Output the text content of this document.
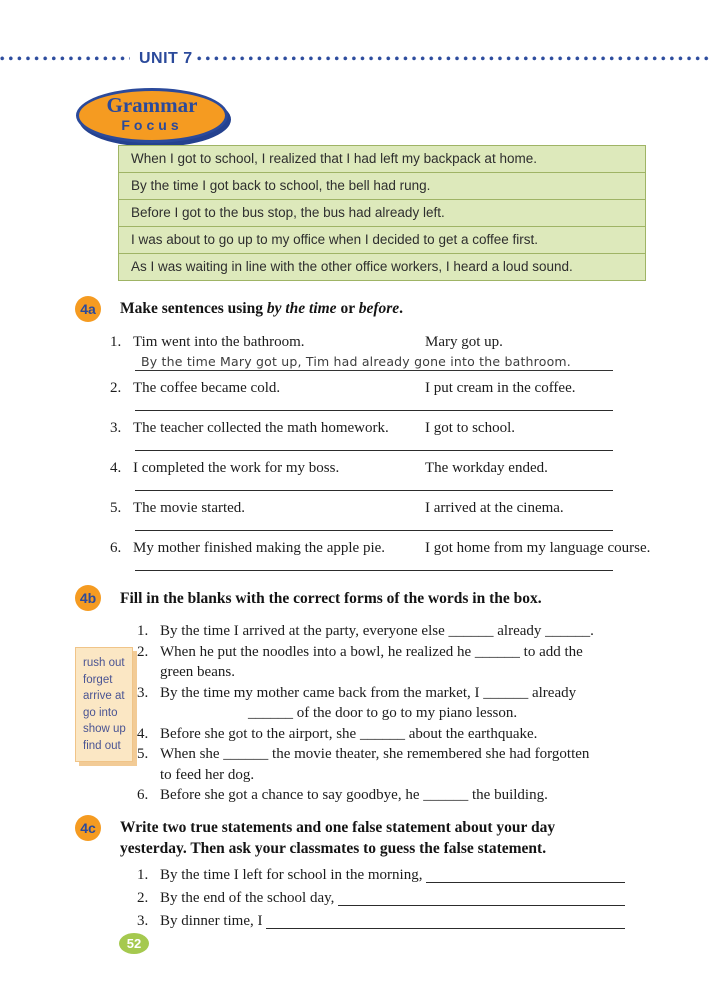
UNIT 7
Grammar
Focus
When I got to school, I realized that I had left my backpack at home.
By the time I got back to school, the bell had rung.
Before I got to the bus stop, the bus had already left.
I was about to go up to my office when I decided to get a coffee first.
As I was waiting in line with the other office workers, I heard a loud sound.
4a	Make sentences using by the time or before.
1. Tim went into the bathroom.	Mary got up.
By the time Mary got up, Tim had already gone into the bathroom.
2. The coffee became cold.	I put cream in the coffee.
3. The teacher collected the math homework.	I got to school.
4. I completed the work for my boss.	The workday ended.
5. The movie started.	I arrived at the cinema.
6. My mother finished making the apple pie.	I got home from my language course.
4b	Fill in the blanks with the correct forms of the words in the box.
rush out
forget
arrive at
go into
show up
find out
1. By the time I arrived at the party, everyone else ______ already ______.
2. When he put the noodles into a bowl, he realized he ______ to add the
green beans.
3. By the time my mother came back from the market, I ______ already
______ of the door to go to my piano lesson.
4. Before she got to the airport, she ______ about the earthquake.
5. When she ______ the movie theater, she remembered she had forgotten
to feed her dog.
6. Before she got a chance to say goodbye, he ______ the building.
4c	Write two true statements and one false statement about your day
yesterday. Then ask your classmates to guess the false statement.
1. By the time I left for school in the morning,
2. By the end of the school day,
3. By dinner time, I
52
